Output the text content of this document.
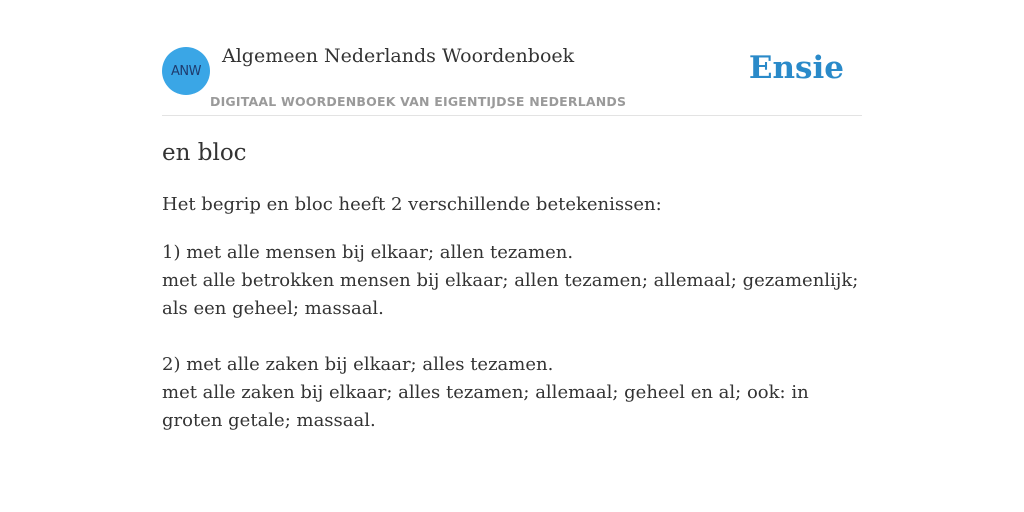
ANW
Algemeen Nederlands Woordenboek
DIGITAAL WOORDENBOEK VAN EIGENTIJDSE NEDERLANDS
Ensie
en bloc

Het begrip en bloc heeft 2 verschillende betekenissen:

1) met alle mensen bij elkaar; allen tezamen.
met alle betrokken mensen bij elkaar; allen tezamen; allemaal; gezamenlijk; als een geheel; massaal.
2) met alle zaken bij elkaar; alles tezamen.
met alle zaken bij elkaar; alles tezamen; allemaal; geheel en al; ook: in groten getale; massaal.
